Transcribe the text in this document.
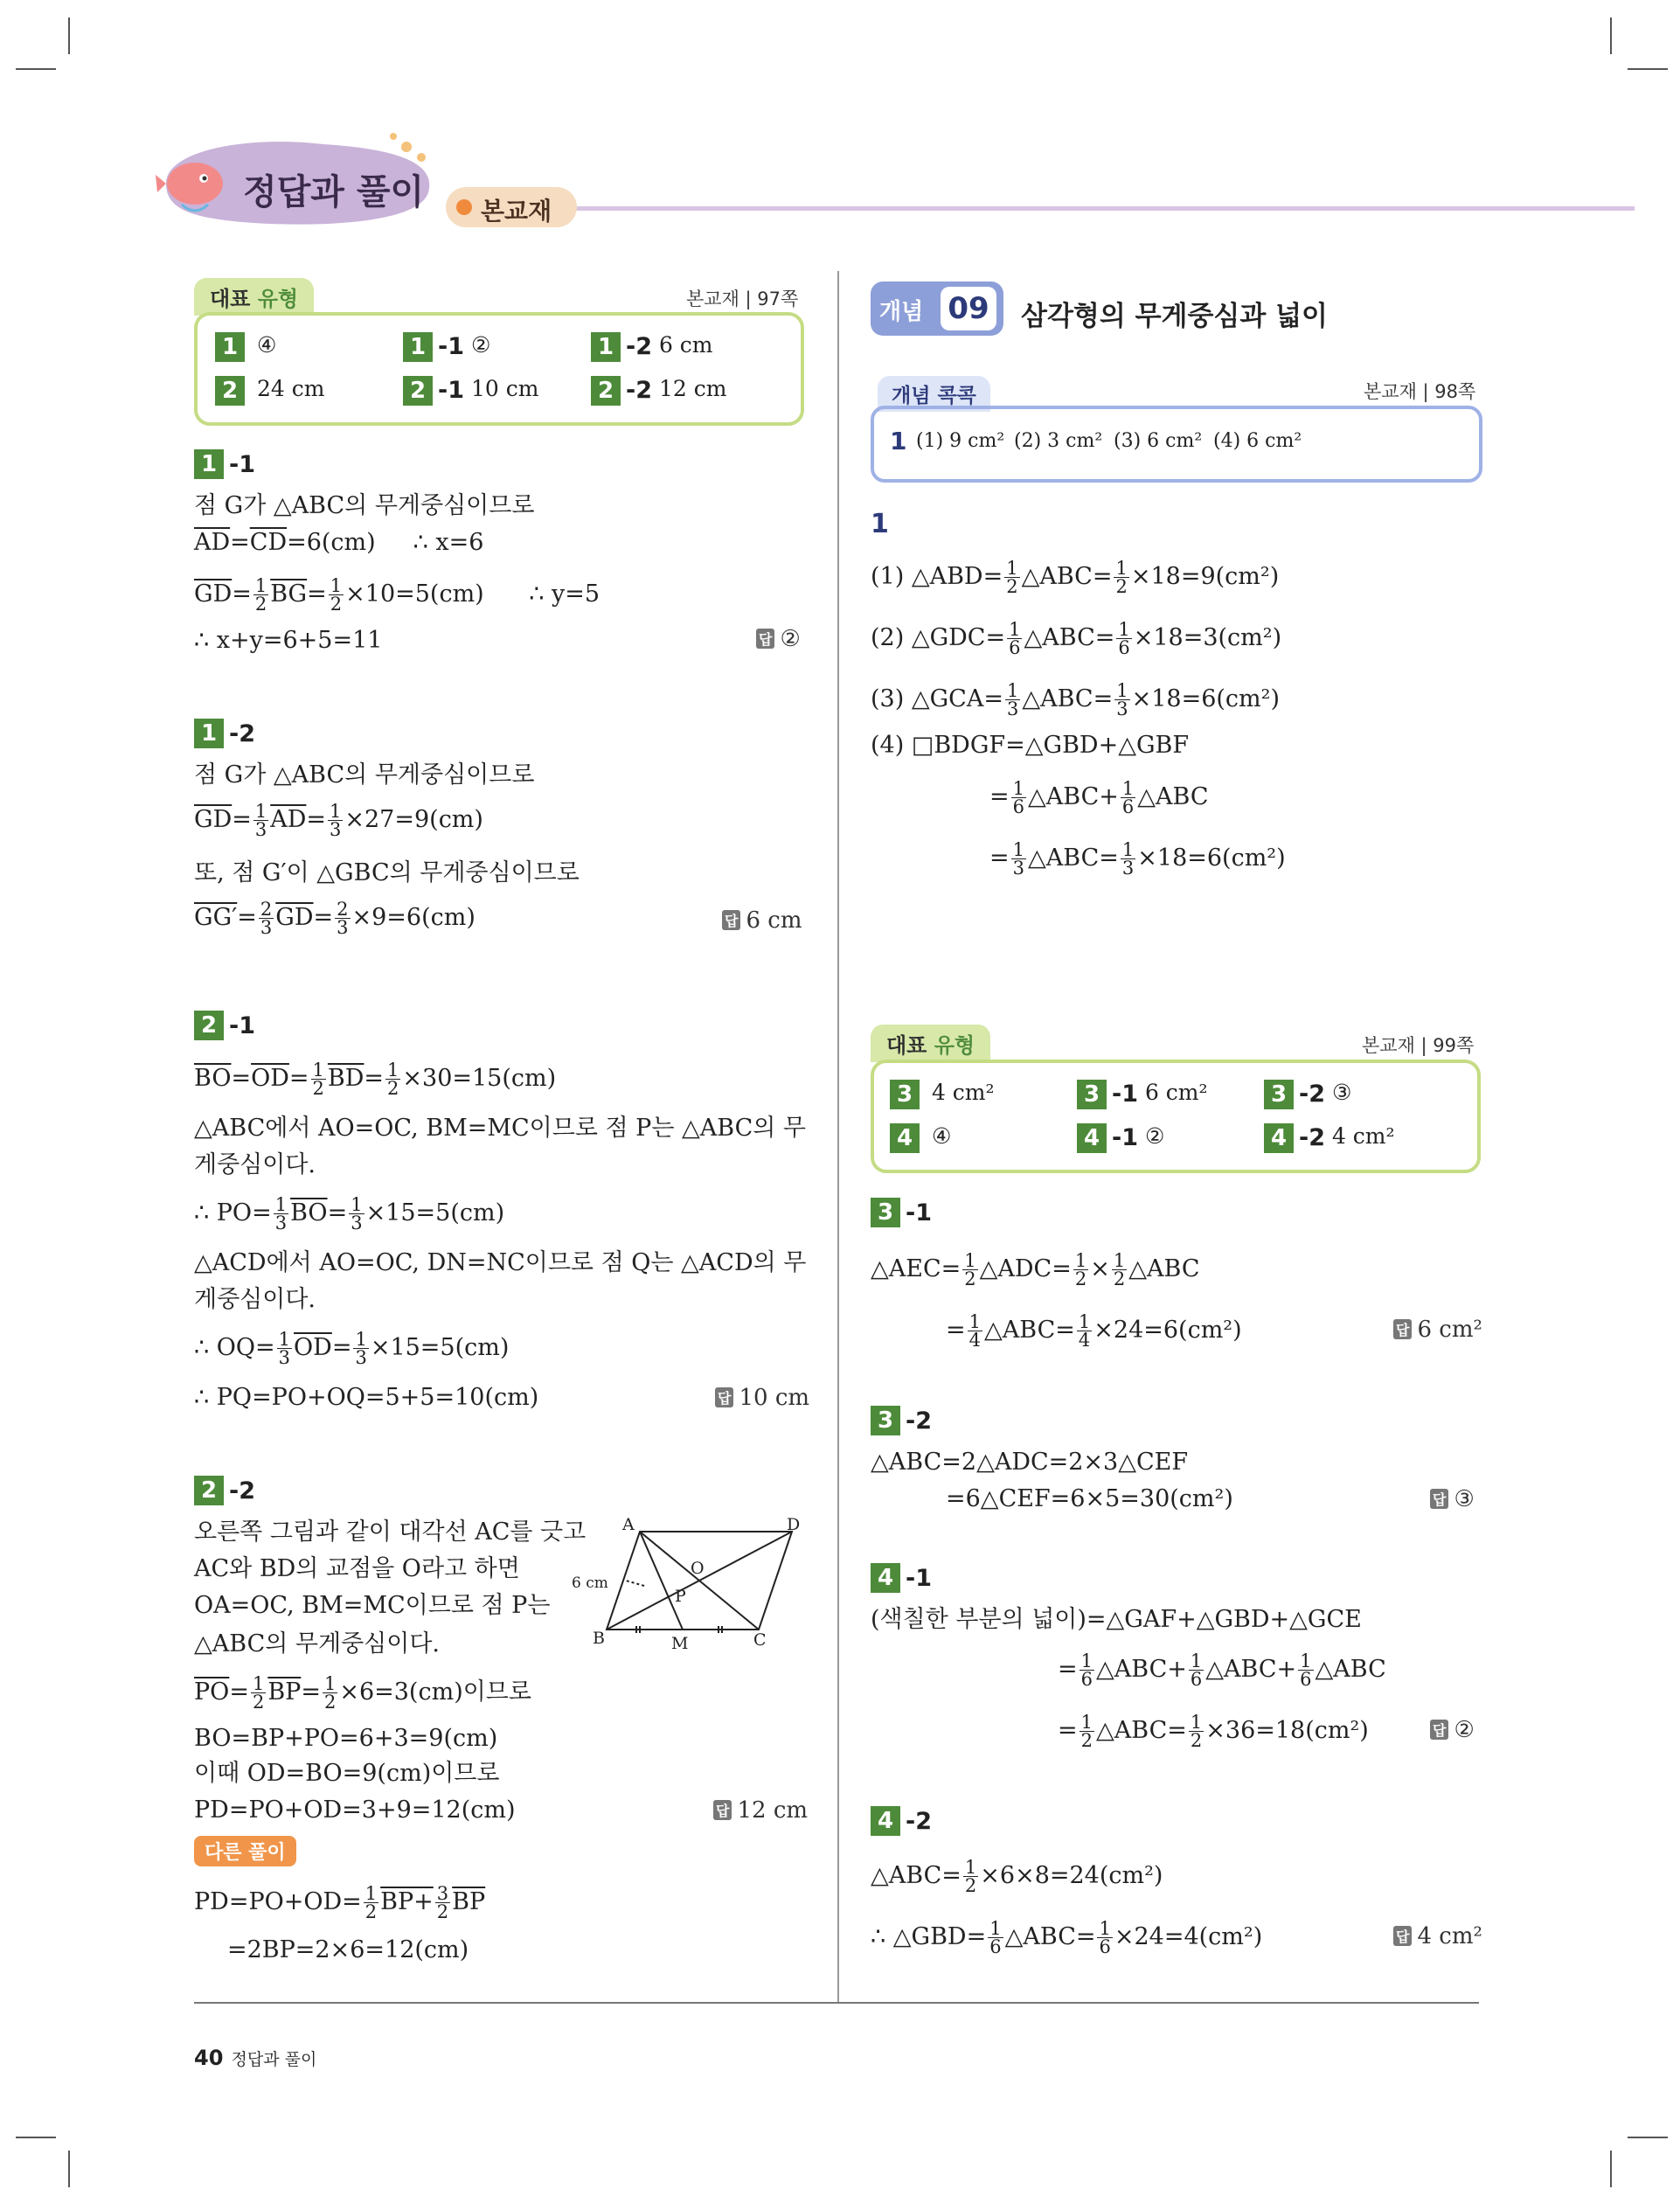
정답과 풀이 본교재
대표 유형	본교재 | 97쪽
1 ④	1 -1 ②	1 -2 6 cm
2 24 cm	2 -1 10 cm	2 -2 12 cm
1 -1
점 G가 △ABC의 무게중심이므로
$\overline{AD}=\overline{CD}=6(cm)$ ∴ x=6
$\overline{GD}= \frac{1}{2} \overline{BG}= \frac{1}{2} \times 10=5(cm)$ ∴ y=5
∴ x+y=6+5=11	답 ②
1 -2
점 G가 △ABC의 무게중심이므로
$\overline{GD}= \frac{1}{3} \overline{AD}= \frac{1}{3} \times 27=9(cm)$
또, 점 G′이 △GBC의 무게중심이므로
$GG'= \frac{2}{3} \overline{GD}= \frac{2}{3} \times 9=6(cm)$	답 6 cm
2 -1
$\overline{BO}=\overline{OD}= \frac{1}{2} \overline{BD}= \frac{1}{2} \times 30=15(cm)$
△ABC에서 AO=OC, BM=MC이므로 점 P는 △ABC의 무
게중심이다.
∴ $PO= \frac{1}{3} \overline{BO}= \frac{1}{3} \times 15=5(cm)$
△ACD에서 AO=OC, DN=NC이므로 점 Q는 △ACD의 무
게중심이다.
∴ $OQ= \frac{1}{3} \overline{OD}= \frac{1}{3} \times 15=5(cm)$
∴ PQ=PO+OQ=5+5=10(cm)	답 10 cm
2 -2
오른쪽 그림과 같이 대각선 AC를 긋고
AC와 BD의 교점을 O라고 하면
OA=OC, BM=MC이므로 점 P는
△ABC의 무게중심이다.
$\overline{PO}= \frac{1}{2} \overline{BP}= \frac{1}{2} \times 6=3(cm)$이므로
BO=BP+PO=6+3=9(cm)
이때 OD=BO=9(cm)이므로
PD=PO+OD=3+9=12(cm)	답 12 cm
다른 풀이
$PD=PO+OD= \frac{1}{2} BP+ \frac{3}{2} \overline{BP}$
=2BP=2×6=12(cm)
A	D
O
P
B	M	C
6 cm
40 정답과 풀이
개념 09 삼각형의 무게중심과 넓이
개념 콕콕	본교재 | 98쪽
1 (1) 9 cm² (2) 3 cm² (3) 6 cm² (4) 6 cm²
1
(1) △ABD= $\frac{1}{2}$ △ABC= $\frac{1}{2} \times 18=9(cm^2)$
(2) △GDC= $\frac{1}{6}$ △ABC= $\frac{1}{6} \times 18=3(cm^2)$
(3) △GCA= $\frac{1}{3}$ △ABC= $\frac{1}{3} \times 18=6(cm^2)$
(4) □BDGF=△GBD+△GBF
= $\frac{1}{6}$ △ABC+ $\frac{1}{6}$ △ABC
= $\frac{1}{3}$ △ABC= $\frac{1}{3} \times 18=6(cm^2)$
대표 유형	본교재 | 99쪽
3 4 cm²	3 -1 6 cm²	3 -2 ③
4 ④	4 -1 ②	4 -2 4 cm²
3 -1
△AEC= $\frac{1}{2}$ △ADC= $\frac{1}{2} \times \frac{1}{2}$ △ABC
= $\frac{1}{4}$ △ABC= $\frac{1}{4} \times 24=6(cm^2)$	답 6 cm²
3 -2
△ABC=2△ADC=2×3△CEF
=6△CEF=6×5=30(cm²)	답 ③
4 -1
(색칠한 부분의 넓이)=△GAF+△GBD+△GCE
= $\frac{1}{6}$ △ABC+ $\frac{1}{6}$ △ABC+ $\frac{1}{6}$ △ABC
= $\frac{1}{2}$ △ABC= $\frac{1}{2} \times 36=18(cm^2)$	답 ②
4 -2
△ABC= $\frac{1}{2} \times 6\times 8=24(cm^2)$
∴ △GBD= $\frac{1}{6}$ △ABC= $\frac{1}{6} \times 24=4(cm^2)$	답 4 cm²
